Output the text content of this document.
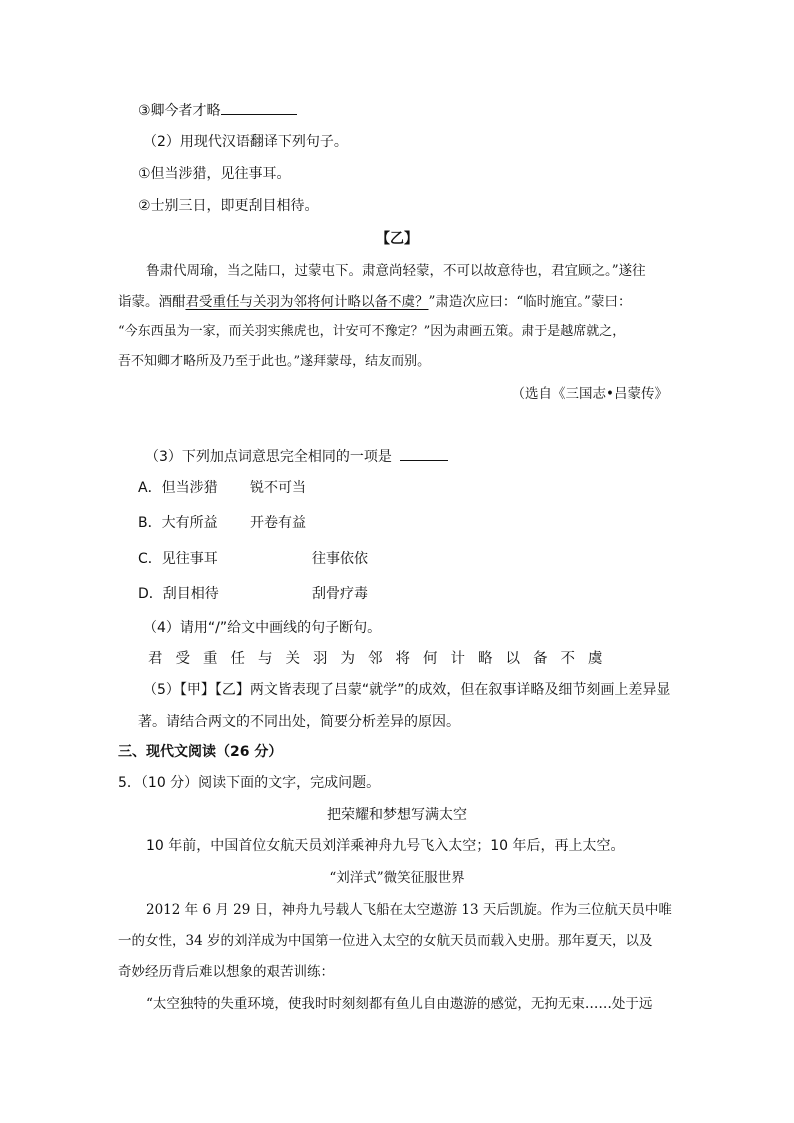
③卿今者才略
（2）用现代汉语翻译下列句子。
①但当涉猎，见往事耳。
②士别三日，即更刮目相待。
【乙】
鲁肃代周瑜，当之陆口，过蒙屯下。肃意尚轻蒙，不可以故意待也，君宜顾之。”遂往
诣蒙。酒酣君受重任与关羽为邻将何计略以备不虞？”肃造次应曰：“临时施宜。”蒙曰：
“今东西虽为一家，而关羽实熊虎也，计安可不豫定？”因为肃画五策。肃于是越席就之，
吾不知卿才略所及乃至于此也。”遂拜蒙母，结友而别。
（选自《三国志•吕蒙传》
（3）下列加点词意思完全相同的一项是
A．但当涉猎 锐不可当
B．大有所益 开卷有益
C．见往事耳	往事依依
D．刮目相待	刮骨疗毒
（4）请用“/”给文中画线的句子断句。
君受重任与关羽为邻将何计略以备不虞
（5）【甲】【乙】两文皆表现了吕蒙“就学”的成效，但在叙事详略及细节刻画上差异显
著。请结合两文的不同出处，简要分析差异的原因。
三、现代文阅读（26 分）
5．（10 分）阅读下面的文字，完成问题。
把荣耀和梦想写满太空
10 年前，中国首位女航天员刘洋乘神舟九号飞入太空；10 年后，再上太空。
“刘洋式”微笑征服世界
2012 年 6 月 29 日，神舟九号载人飞船在太空遨游 13 天后凯旋。作为三位航天员中唯
一的女性，34 岁的刘洋成为中国第一位进入太空的女航天员而载入史册。那年夏天，以及
奇妙经历背后难以想象的艰苦训练：
“太空独特的失重环境，使我时时刻刻都有鱼儿自由遨游的感觉，无拘无束……处于远
